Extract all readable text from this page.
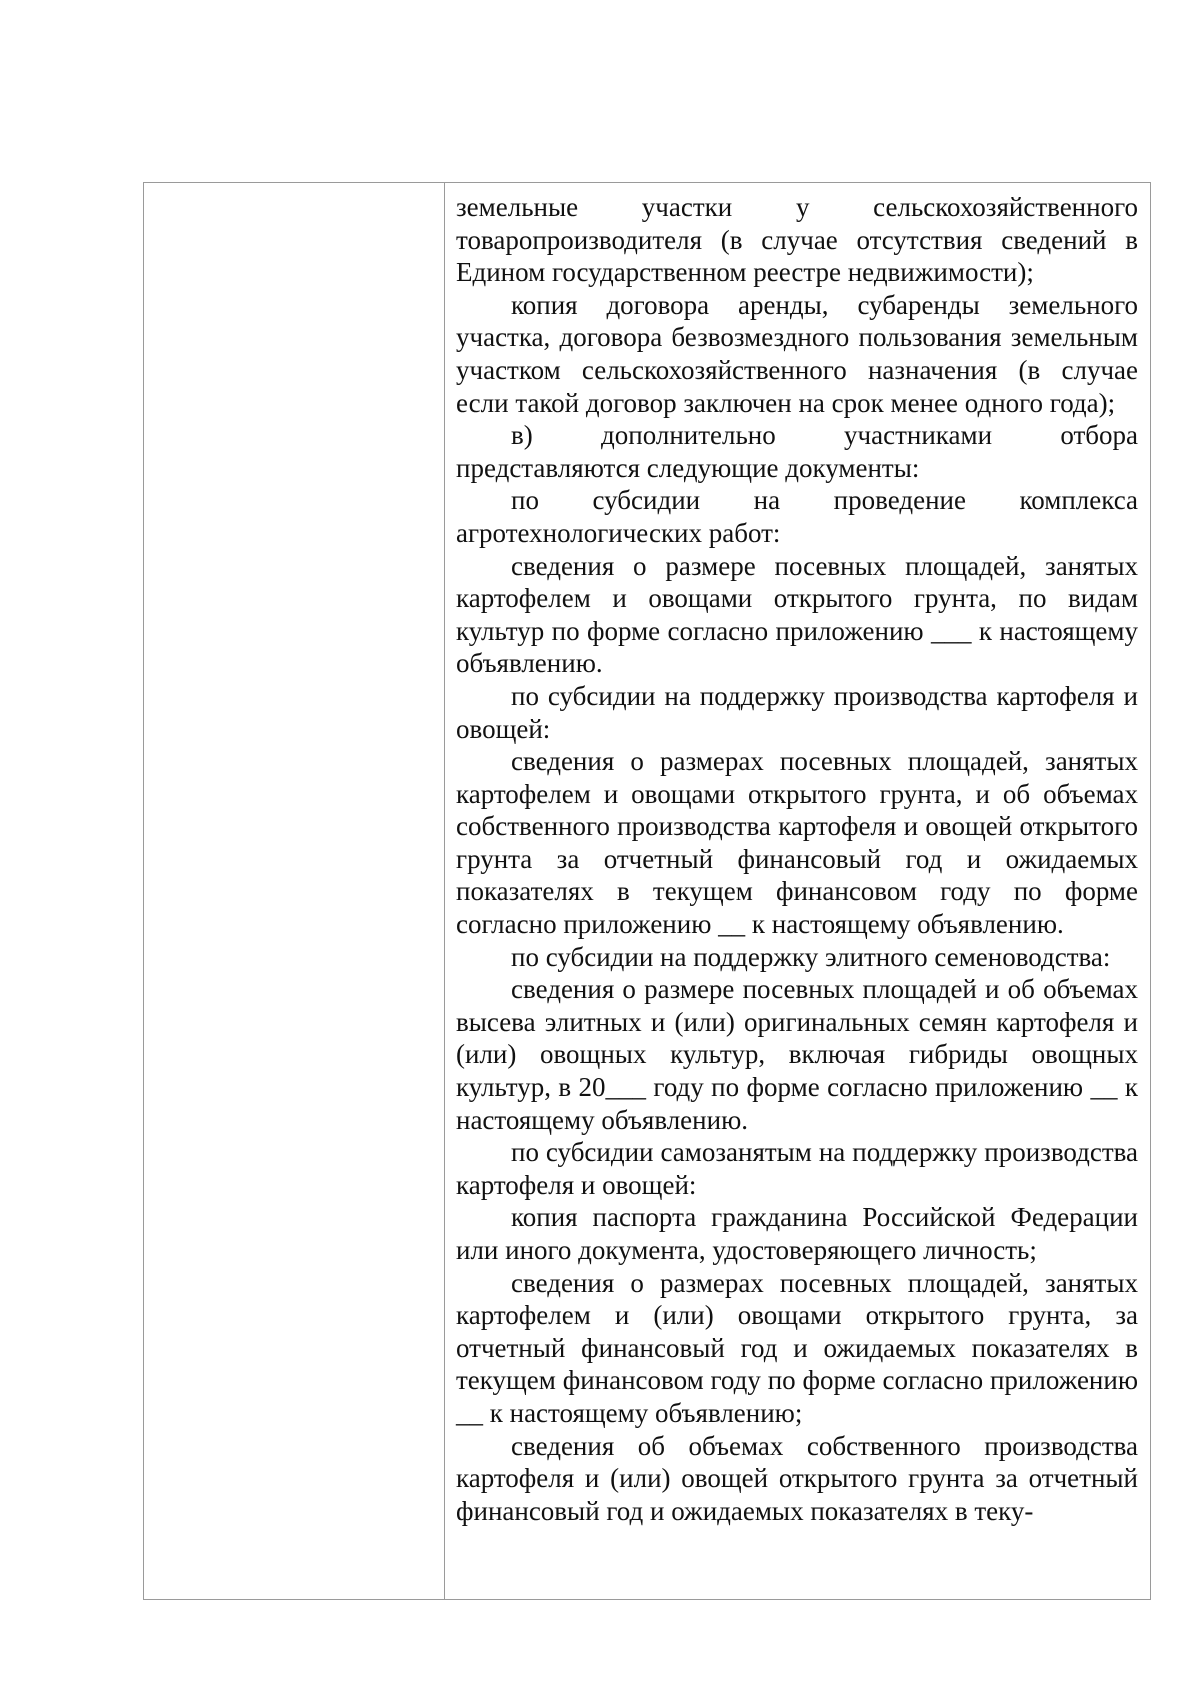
земельные участки у сельскохозяйственного товаропроизводителя (в случае отсутствия сведений в Едином государственном реестре недвижимости);

копия договора аренды, субаренды земельного участка, договора безвозмездного пользования земельным участком сельскохозяйственного назначения (в случае если такой договор заключен на срок менее одного года);

в) дополнительно участниками отбора представляются следующие документы:

по субсидии на проведение комплекса агротехнологических работ:

сведения о размере посевных площадей, занятых картофелем и овощами открытого грунта, по видам культур по форме согласно приложению ___ к настоящему объявлению.

по субсидии на поддержку производства картофеля и овощей:

сведения о размерах посевных площадей, занятых картофелем и овощами открытого грунта, и об объемах собственного производства картофеля и овощей открытого грунта за отчетный финансовый год и ожидаемых показателях в текущем финансовом году по форме согласно приложению __ к настоящему объявлению.

по субсидии на поддержку элитного семеноводства:

сведения о размере посевных площадей и об объемах высева элитных и (или) оригинальных семян картофеля и (или) овощных культур, включая гибриды овощных культур, в 20___ году по форме согласно приложению __ к настоящему объявлению.

по субсидии самозанятым на поддержку производства картофеля и овощей:

копия паспорта гражданина Российской Федерации или иного документа, удостоверяющего личность;

сведения о размерах посевных площадей, занятых картофелем и (или) овощами открытого грунта, за отчетный финансовый год и ожидаемых показателях в текущем финансовом году по форме согласно приложению __ к настоящему объявлению;

сведения об объемах собственного производства картофеля и (или) овощей открытого грунта за отчетный финансовый год и ожидаемых показателях в теку-
